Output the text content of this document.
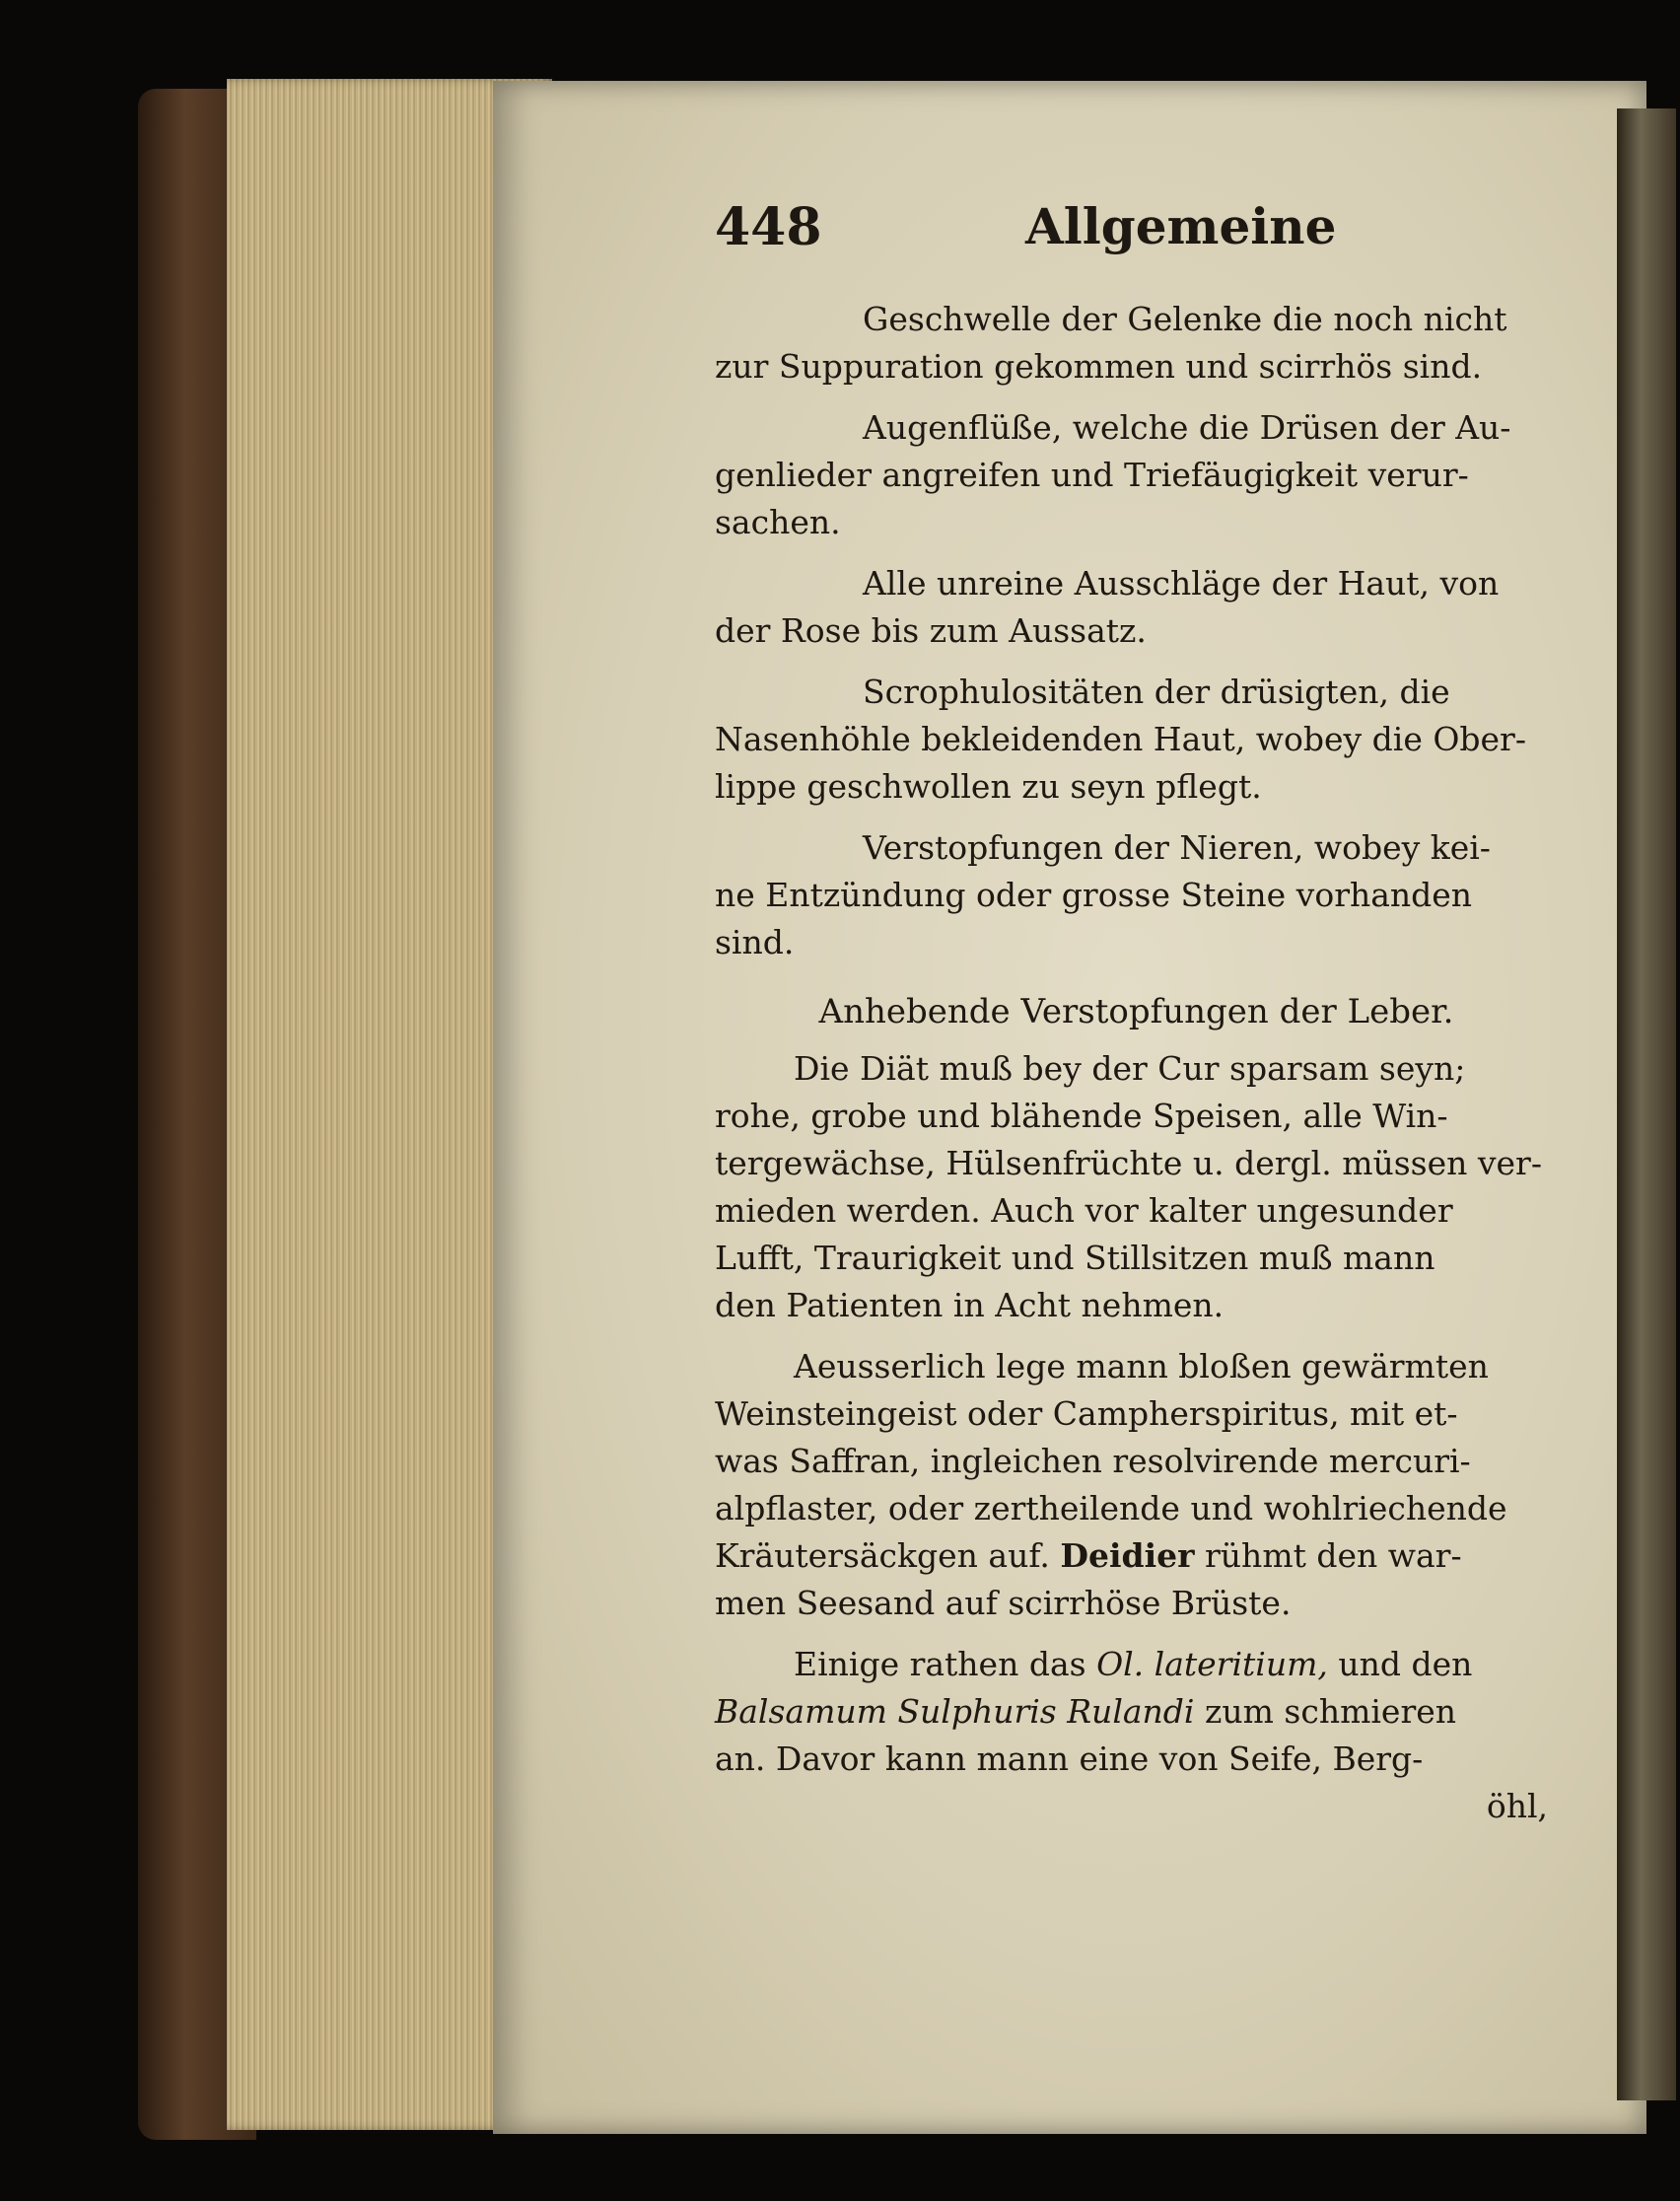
448	Allgemeine

Geschwelle der Gelenke die noch nicht
zur Suppuration gekommen und scirrhös sind.

Augenflüße, welche die Drüsen der Au-
genlieder angreifen und Triefäugigkeit verur-
sachen.

Alle unreine Ausschläge der Haut, von
der Rose bis zum Aussatz.

Scrophulositäten der drüsigten, die
Nasenhöhle bekleidenden Haut, wobey die Ober-
lippe geschwollen zu seyn pflegt.

Verstopfungen der Nieren, wobey kei-
ne Entzündung oder grosse Steine vorhanden
sind.

Anhebende Verstopfungen der Leber.

Die Diät muß bey der Cur sparsam seyn;
rohe, grobe und blähende Speisen, alle Win-
tergewächse, Hülsenfrüchte u. dergl. müssen ver-
mieden werden. Auch vor kalter ungesunder
Lufft, Traurigkeit und Stillsitzen muß mann
den Patienten in Acht nehmen.

Aeusserlich lege mann bloßen gewärmten
Weinsteingeist oder Campherspiritus, mit et-
was Saffran, ingleichen resolvirende mercuri-
alpflaster, oder zertheilende und wohlriechende
Kräutersäckgen auf. Deidier rühmt den war-
men Seesand auf scirrhöse Brüste.

Einige rathen das Ol. lateritium, und den
Balsamum Sulphuris Rulandi zum schmieren
an. Davor kann mann eine von Seife, Berg-

öhl,
